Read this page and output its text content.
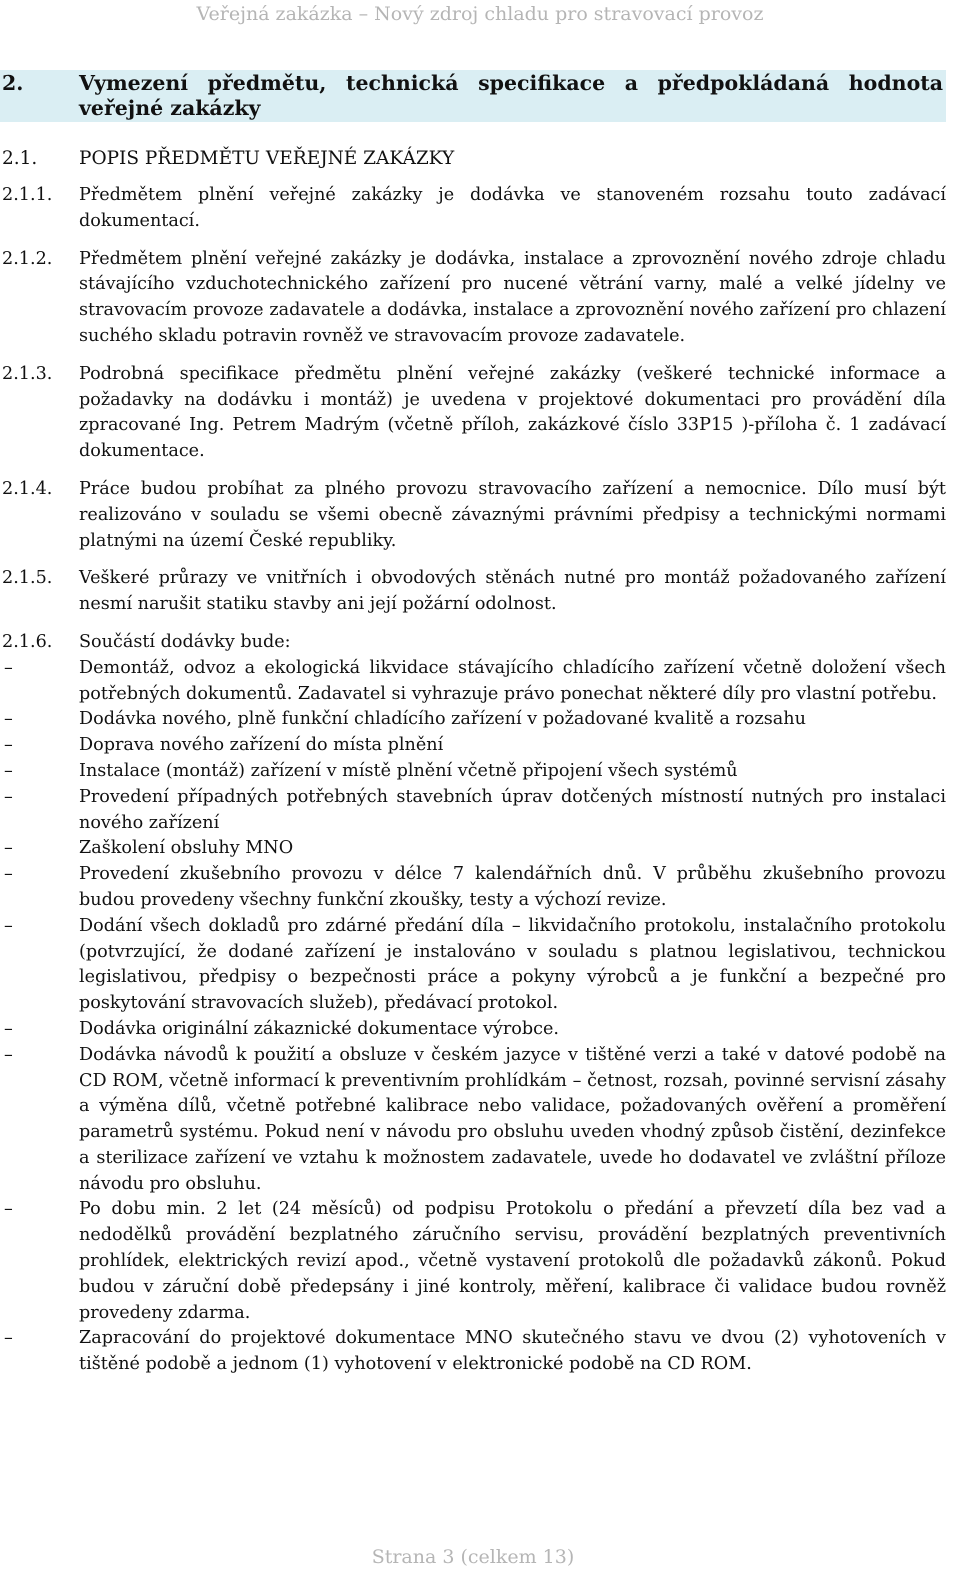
Veřejná zakázka – Nový zdroj chladu pro stravovací provoz
2.	Vymezení předmětu, technická specifikace a předpokládaná hodnota
veřejné zakázky
2.1. POPIS PŘEDMĚTU VEŘEJNÉ ZAKÁZKY
2.1.1.	Předmětem plnění veřejné zakázky je dodávka ve stanoveném rozsahu touto zadávací dokumentací.
2.1.2.	Předmětem plnění veřejné zakázky je dodávka, instalace a zprovoznění nového zdroje chladu stávajícího vzduchotechnického zařízení pro nucené větrání varny, malé a velké jídelny ve stravovacím provoze zadavatele a dodávka, instalace a zprovoznění nového zařízení pro chlazení suchého skladu potravin rovněž ve stravovacím provoze zadavatele.
2.1.3.	Podrobná specifikace předmětu plnění veřejné zakázky (veškeré technické informace a požadavky na dodávku i montáž) je uvedena v projektové dokumentaci pro provádění díla zpracované Ing. Petrem Madrým (včetně příloh, zakázkové číslo 33P15 )-příloha č. 1 zadávací dokumentace.
2.1.4.	Práce budou probíhat za plného provozu stravovacího zařízení a nemocnice. Dílo musí být realizováno v souladu se všemi obecně závaznými právními předpisy a technickými normami platnými na území České republiky.
2.1.5.	Veškeré průrazy ve vnitřních i obvodových stěnách nutné pro montáž požadovaného zařízení nesmí narušit statiku stavby ani její požární odolnost.
2.1.6.	Součástí dodávky bude:
–	Demontáž, odvoz a ekologická likvidace stávajícího chladícího zařízení včetně doložení všech potřebných dokumentů. Zadavatel si vyhrazuje právo ponechat některé díly pro vlastní potřebu.
–	Dodávka nového, plně funkční chladícího zařízení v požadované kvalitě a rozsahu
–	Doprava nového zařízení do místa plnění
–	Instalace (montáž) zařízení v místě plnění včetně připojení všech systémů
–	Provedení případných potřebných stavebních úprav dotčených místností nutných pro instalaci nového zařízení
–	Zaškolení obsluhy MNO
–	Provedení zkušebního provozu v délce 7 kalendářních dnů. V průběhu zkušebního provozu budou provedeny všechny funkční zkoušky, testy a výchozí revize.
–	Dodání všech dokladů pro zdárné předání díla – likvidačního protokolu, instalačního protokolu (potvrzující, že dodané zařízení je instalováno v souladu s platnou legislativou, technickou legislativou, předpisy o bezpečnosti práce a pokyny výrobců a je funkční a bezpečné pro poskytování stravovacích služeb), předávací protokol.
–	Dodávka originální zákaznické dokumentace výrobce.
–	Dodávka návodů k použití a obsluze v českém jazyce v tištěné verzi a také v datové podobě na CD ROM, včetně informací k preventivním prohlídkám – četnost, rozsah, povinné servisní zásahy a výměna dílů, včetně potřebné kalibrace nebo validace, požadovaných ověření a proměření parametrů systému. Pokud není v návodu pro obsluhu uveden vhodný způsob čistění, dezinfekce a sterilizace zařízení ve vztahu k možnostem zadavatele, uvede ho dodavatel ve zvláštní příloze návodu pro obsluhu.
–	Po dobu min. 2 let (24 měsíců) od podpisu Protokolu o předání a převzetí díla bez vad a nedodělků provádění bezplatného záručního servisu, provádění bezplatných preventivních prohlídek, elektrických revizí apod., včetně vystavení protokolů dle požadavků zákonů. Pokud budou v záruční době předepsány i jiné kontroly, měření, kalibrace či validace budou rovněž provedeny zdarma.
–	Zapracování do projektové dokumentace MNO skutečného stavu ve dvou (2) vyhotoveních v tištěné podobě a jednom (1) vyhotovení v elektronické podobě na CD ROM.
Strana 3 (celkem 13)
